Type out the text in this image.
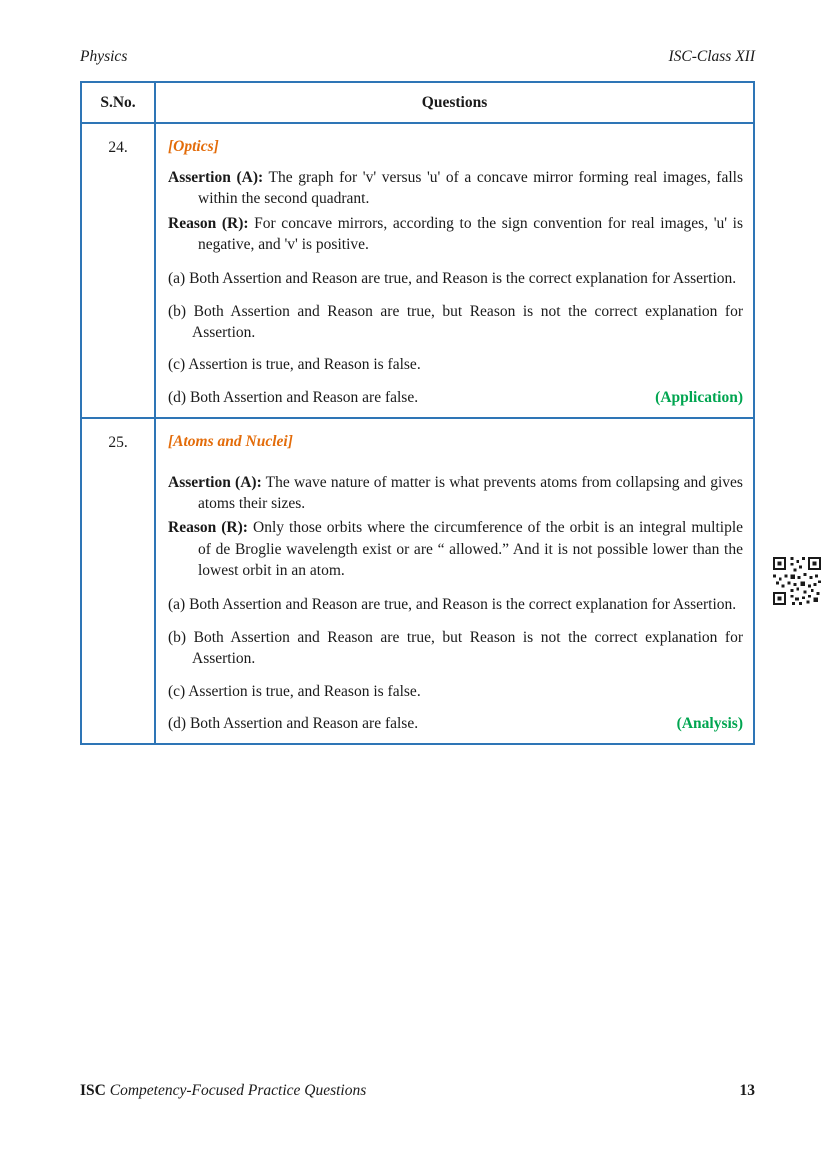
Physics	ISC-Class XII
S.No.	Questions
24.	[Optics]

Assertion (A): The graph for 'v' versus 'u' of a concave mirror forming real images, falls within the second quadrant.

Reason (R): For concave mirrors, according to the sign convention for real images, 'u' is negative, and 'v' is positive.

(a) Both Assertion and Reason are true, and Reason is the correct explanation for Assertion.

(b) Both Assertion and Reason are true, but Reason is not the correct explanation for Assertion.

(c) Assertion is true, and Reason is false.

(d) Both Assertion and Reason are false.	(Application)
25.	[Atoms and Nuclei]

Assertion (A): The wave nature of matter is what prevents atoms from collapsing and gives atoms their sizes.

Reason (R): Only those orbits where the circumference of the orbit is an integral multiple of de Broglie wavelength exist or are “ allowed.” And it is not possible lower than the lowest orbit in an atom.

(a) Both Assertion and Reason are true, and Reason is the correct explanation for Assertion.

(b) Both Assertion and Reason are true, but Reason is not the correct explanation for Assertion.

(c) Assertion is true, and Reason is false.

(d) Both Assertion and Reason are false.	(Analysis)
ISC Competency-Focused Practice Questions	13
